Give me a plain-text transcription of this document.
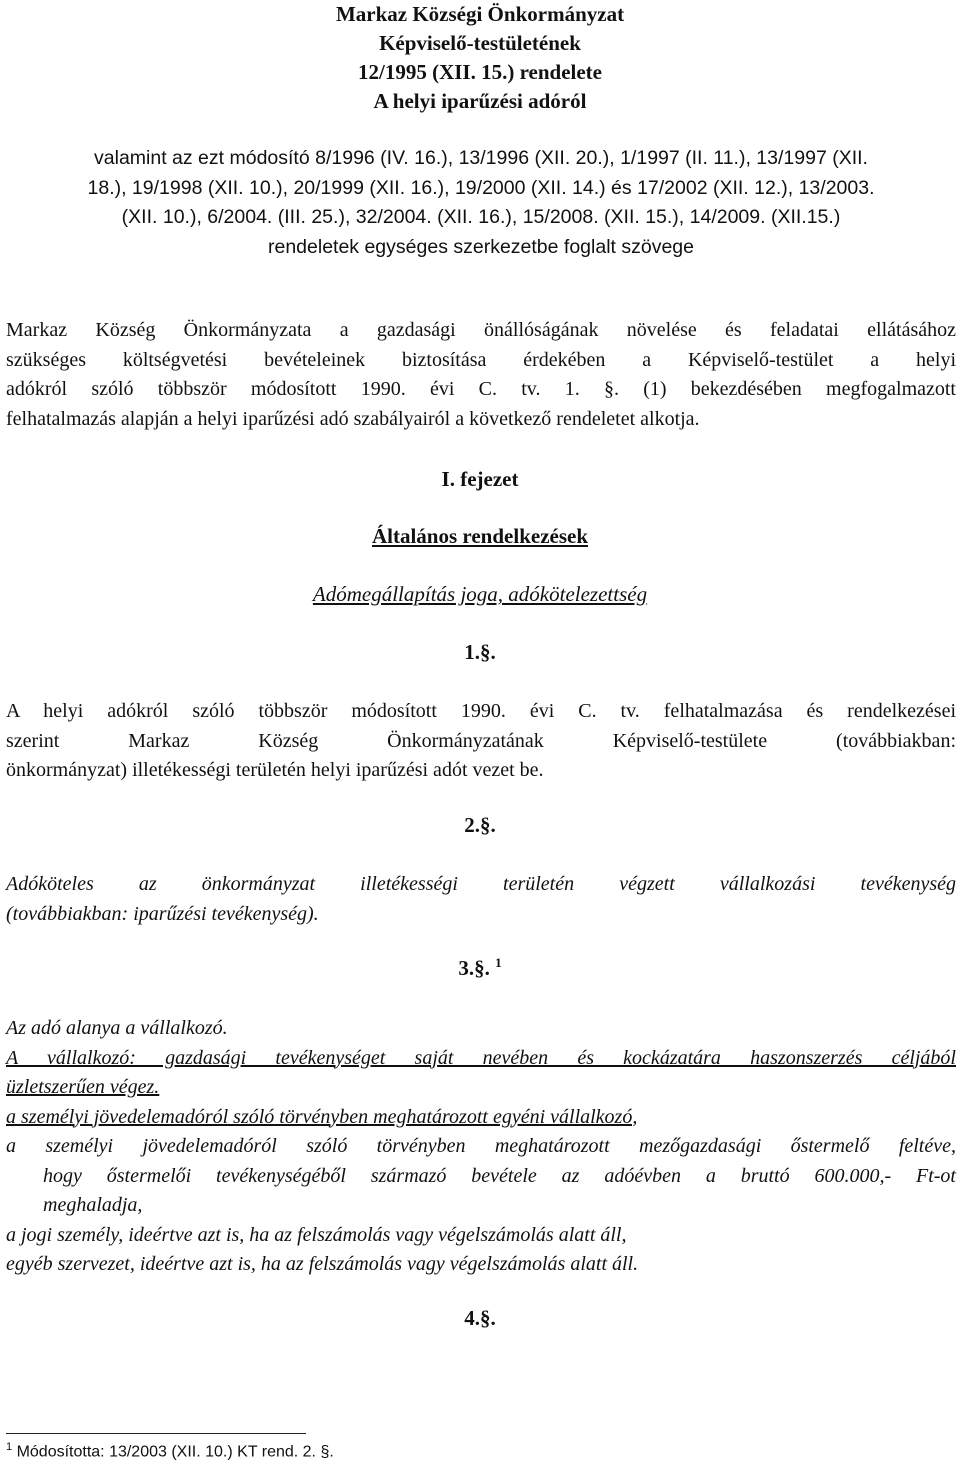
Markaz Községi Önkormányzat
Képviselő-testületének
12/1995 (XII. 15.) rendelete
A helyi iparűzési adóról
valamint az ezt módosító 8/1996 (IV. 16.), 13/1996 (XII. 20.), 1/1997 (II. 11.), 13/1997 (XII.
18.), 19/1998 (XII. 10.), 20/1999 (XII. 16.), 19/2000 (XII. 14.) és 17/2002 (XII. 12.), 13/2003.
(XII. 10.), 6/2004. (III. 25.), 32/2004. (XII. 16.), 15/2008. (XII. 15.), 14/2009. (XII.15.)
rendeletek egységes szerkezetbe foglalt szövege
Markaz Község Önkormányzata a gazdasági önállóságának növelése és feladatai ellátásához
szükséges költségvetési bevételeinek biztosítása érdekében a Képviselő-testület a helyi
adókról szóló többször módosított 1990. évi C. tv. 1. §. (1) bekezdésében megfogalmazott
felhatalmazás alapján a helyi iparűzési adó szabályairól a következő rendeletet alkotja.
I. fejezet
Általános rendelkezések
Adómegállapítás joga, adókötelezettség
1.§.
A helyi adókról szóló többször módosított 1990. évi C. tv. felhatalmazása és rendelkezései
szerint Markaz Község Önkormányzatának Képviselő-testülete (továbbiakban:
önkormányzat) illetékességi területén helyi iparűzési adót vezet be.
2.§.
Adóköteles az önkormányzat illetékességi területén végzett vállalkozási tevékenység
(továbbiakban: iparűzési tevékenység).
3.§. $^1$
Az adó alanya a vállalkozó.
A vállalkozó: gazdasági tevékenységet saját nevében és kockázatára haszonszerzés céljából
üzletszerűen végez.
a személyi jövedelemadóról szóló törvényben meghatározott egyéni vállalkozó,
a személyi jövedelemadóról szóló törvényben meghatározott mezőgazdasági őstermelő feltéve,
hogy őstermelői tevékenységéből származó bevétele az adóévben a bruttó 600.000,- Ft-ot
meghaladja,
a jogi személy, ideértve azt is, ha az felszámolás vagy végelszámolás alatt áll,
egyéb szervezet, ideértve azt is, ha az felszámolás vagy végelszámolás alatt áll.
4.§.
$^1$ Módosította: 13/2003 (XII. 10.) KT rend. 2. §.
